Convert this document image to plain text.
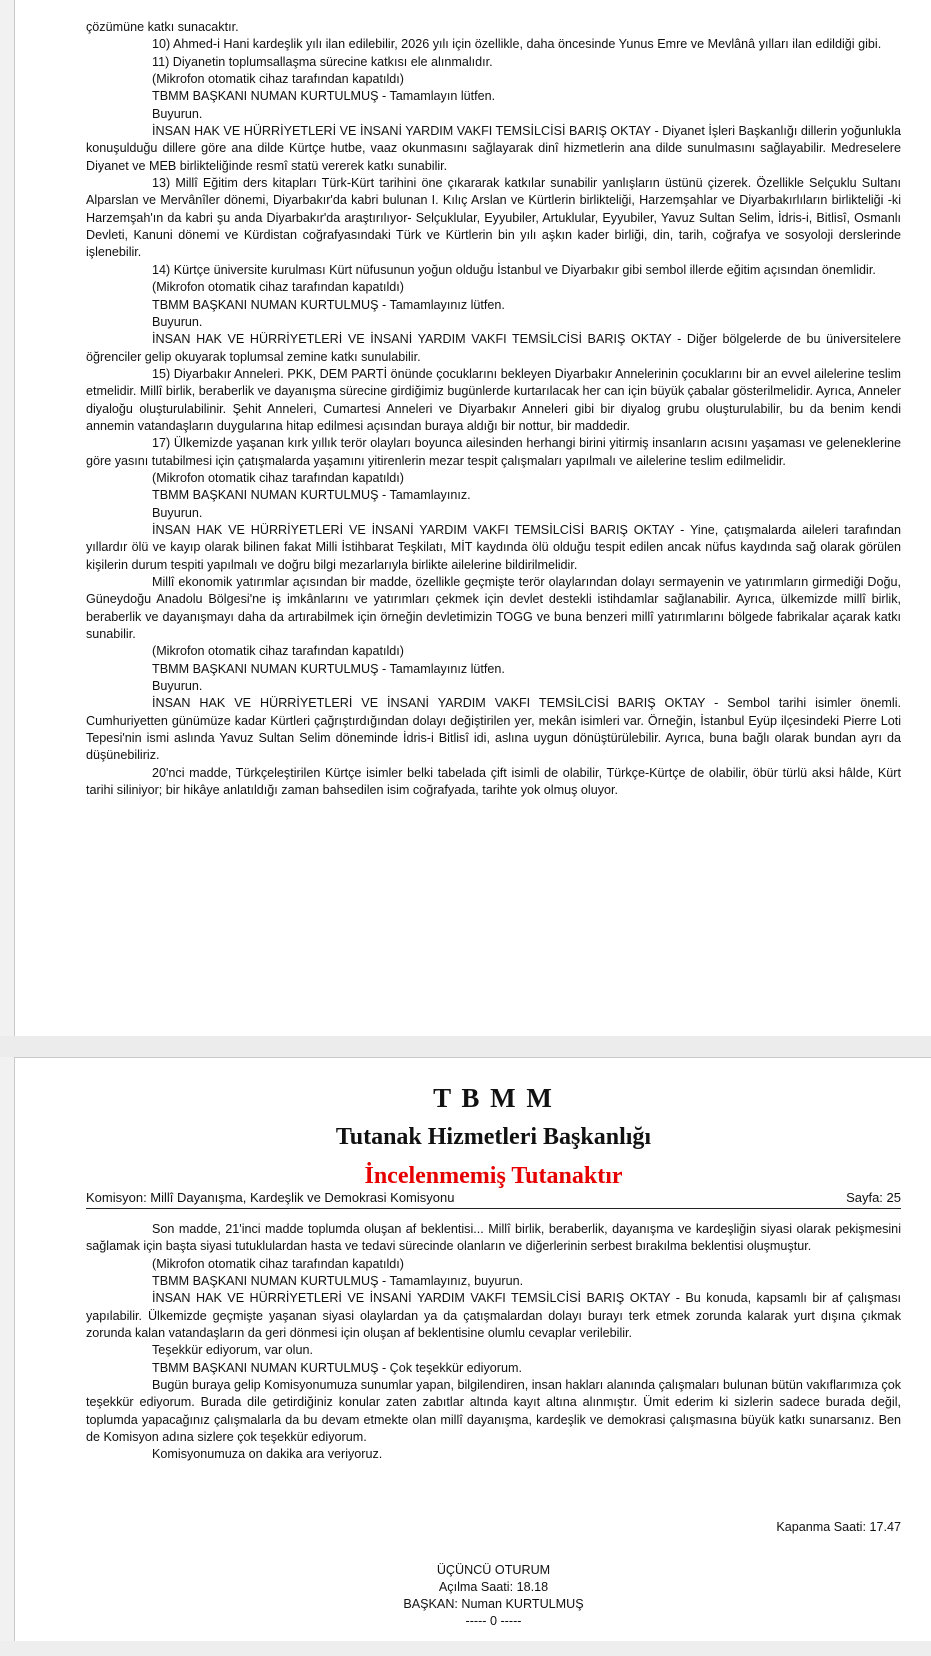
çözümüne katkı sunacaktır.

10) Ahmed-i Hani kardeşlik yılı ilan edilebilir, 2026 yılı için özellikle, daha öncesinde Yunus Emre ve Mevlânâ yılları ilan edildiği gibi.

11) Diyanetin toplumsallaşma sürecine katkısı ele alınmalıdır.

(Mikrofon otomatik cihaz tarafından kapatıldı)

TBMM BAŞKANI NUMAN KURTULMUŞ - Tamamlayın lütfen.

Buyurun.

İNSAN HAK VE HÜRRİYETLERİ VE İNSANİ YARDIM VAKFI TEMSİLCİSİ BARIŞ OKTAY - Diyanet İşleri Başkanlığı dillerin yoğunlukla konuşulduğu dillere göre ana dilde Kürtçe hutbe, vaaz okunmasını sağlayarak dinî hizmetlerin ana dilde sunulmasını sağlayabilir. Medreselere Diyanet ve MEB birlikteliğinde resmî statü vererek katkı sunabilir.

13) Millî Eğitim ders kitapları Türk-Kürt tarihini öne çıkararak katkılar sunabilir yanlışların üstünü çizerek. Özellikle Selçuklu Sultanı Alparslan ve Mervânîler dönemi, Diyarbakır'da kabri bulunan I. Kılıç Arslan ve Kürtlerin birlikteliği, Harzemşahlar ve Diyarbakırlıların birlikteliği -ki Harzemşah'ın da kabri şu anda Diyarbakır'da araştırılıyor- Selçuklular, Eyyubiler, Artuklular, Eyyubiler, Yavuz Sultan Selim, İdris-i, Bitlisî, Osmanlı Devleti, Kanuni dönemi ve Kürdistan coğrafyasındaki Türk ve Kürtlerin bin yılı aşkın kader birliği, din, tarih, coğrafya ve sosyoloji derslerinde işlenebilir.

14) Kürtçe üniversite kurulması Kürt nüfusunun yoğun olduğu İstanbul ve Diyarbakır gibi sembol illerde eğitim açısından önemlidir.

(Mikrofon otomatik cihaz tarafından kapatıldı)

TBMM BAŞKANI NUMAN KURTULMUŞ - Tamamlayınız lütfen.

Buyurun.

İNSAN HAK VE HÜRRİYETLERİ VE İNSANİ YARDIM VAKFI TEMSİLCİSİ BARIŞ OKTAY - Diğer bölgelerde de bu üniversitelere öğrenciler gelip okuyarak toplumsal zemine katkı sunulabilir.

15) Diyarbakır Anneleri. PKK, DEM PARTİ önünde çocuklarını bekleyen Diyarbakır Annelerinin çocuklarını bir an evvel ailelerine teslim etmelidir. Millî birlik, beraberlik ve dayanışma sürecine girdiğimiz bugünlerde kurtarılacak her can için büyük çabalar gösterilmelidir. Ayrıca, Anneler diyaloğu oluşturulabilinir. Şehit Anneleri, Cumartesi Anneleri ve Diyarbakır Anneleri gibi bir diyalog grubu oluşturulabilir, bu da benim kendi annemin vatandaşların duygularına hitap edilmesi açısından buraya aldığı bir nottur, bir maddedir.

17) Ülkemizde yaşanan kırk yıllık terör olayları boyunca ailesinden herhangi birini yitirmiş insanların acısını yaşaması ve geleneklerine göre yasını tutabilmesi için çatışmalarda yaşamını yitirenlerin mezar tespit çalışmaları yapılmalı ve ailelerine teslim edilmelidir.

(Mikrofon otomatik cihaz tarafından kapatıldı)

TBMM BAŞKANI NUMAN KURTULMUŞ - Tamamlayınız.

Buyurun.

İNSAN HAK VE HÜRRİYETLERİ VE İNSANİ YARDIM VAKFI TEMSİLCİSİ BARIŞ OKTAY - Yine, çatışmalarda aileleri tarafından yıllardır ölü ve kayıp olarak bilinen fakat Milli İstihbarat Teşkilatı, MİT kaydında ölü olduğu tespit edilen ancak nüfus kaydında sağ olarak görülen kişilerin durum tespiti yapılmalı ve doğru bilgi mezarlarıyla birlikte ailelerine bildirilmelidir.

Millî ekonomik yatırımlar açısından bir madde, özellikle geçmişte terör olaylarından dolayı sermayenin ve yatırımların girmediği Doğu, Güneydoğu Anadolu Bölgesi'ne iş imkânlarını ve yatırımları çekmek için devlet destekli istihdamlar sağlanabilir. Ayrıca, ülkemizde millî birlik, beraberlik ve dayanışmayı daha da artırabilmek için örneğin devletimizin TOGG ve buna benzeri millî yatırımlarını bölgede fabrikalar açarak katkı sunabilir.

(Mikrofon otomatik cihaz tarafından kapatıldı)

TBMM BAŞKANI NUMAN KURTULMUŞ - Tamamlayınız lütfen.

Buyurun.

İNSAN HAK VE HÜRRİYETLERİ VE İNSANİ YARDIM VAKFI TEMSİLCİSİ BARIŞ OKTAY - Sembol tarihi isimler önemli. Cumhuriyetten günümüze kadar Kürtleri çağrıştırdığından dolayı değiştirilen yer, mekân isimleri var. Örneğin, İstanbul Eyüp ilçesindeki Pierre Loti Tepesi'nin ismi aslında Yavuz Sultan Selim döneminde İdris-i Bitlisî idi, aslına uygun dönüştürülebilir. Ayrıca, buna bağlı olarak bundan ayrı da düşünebiliriz.

20'nci madde, Türkçeleştirilen Kürtçe isimler belki tabelada çift isimli de olabilir, Türkçe-Kürtçe de olabilir, öbür türlü aksi hâlde, Kürt tarihi siliniyor; bir hikâye anlatıldığı zaman bahsedilen isim coğrafyada, tarihte yok olmuş oluyor.

T B M M
Tutanak Hizmetleri Başkanlığı
İncelenmemiş Tutanaktır
Komisyon: Millî Dayanışma, Kardeşlik ve Demokrasi Komisyonu	Sayfa: 25

Son madde, 21'inci madde toplumda oluşan af beklentisi... Millî birlik, beraberlik, dayanışma ve kardeşliğin siyasi olarak pekişmesini sağlamak için başta siyasi tutuklulardan hasta ve tedavi sürecinde olanların ve diğerlerinin serbest bırakılma beklentisi oluşmuştur.

(Mikrofon otomatik cihaz tarafından kapatıldı)

TBMM BAŞKANI NUMAN KURTULMUŞ - Tamamlayınız, buyurun.

İNSAN HAK VE HÜRRİYETLERİ VE İNSANİ YARDIM VAKFI TEMSİLCİSİ BARIŞ OKTAY - Bu konuda, kapsamlı bir af çalışması yapılabilir. Ülkemizde geçmişte yaşanan siyasi olaylardan ya da çatışmalardan dolayı burayı terk etmek zorunda kalarak yurt dışına çıkmak zorunda kalan vatandaşların da geri dönmesi için oluşan af beklentisine olumlu cevaplar verilebilir.

Teşekkür ediyorum, var olun.

TBMM BAŞKANI NUMAN KURTULMUŞ - Çok teşekkür ediyorum.

Bugün buraya gelip Komisyonumuza sunumlar yapan, bilgilendiren, insan hakları alanında çalışmaları bulunan bütün vakıflarımıza çok teşekkür ediyorum. Burada dile getirdiğiniz konular zaten zabıtlar altında kayıt altına alınmıştır. Ümit ederim ki sizlerin sadece burada değil, toplumda yapacağınız çalışmalarla da bu devam etmekte olan millî dayanışma, kardeşlik ve demokrasi çalışmasına büyük katkı sunarsanız. Ben de Komisyon adına sizlere çok teşekkür ediyorum.

Komisyonumuza on dakika ara veriyoruz.

Kapanma Saati: 17.47
ÜÇÜNCÜ OTURUM
Açılma Saati: 18.18
BAŞKAN: Numan KURTULMUŞ
----- 0 -----
